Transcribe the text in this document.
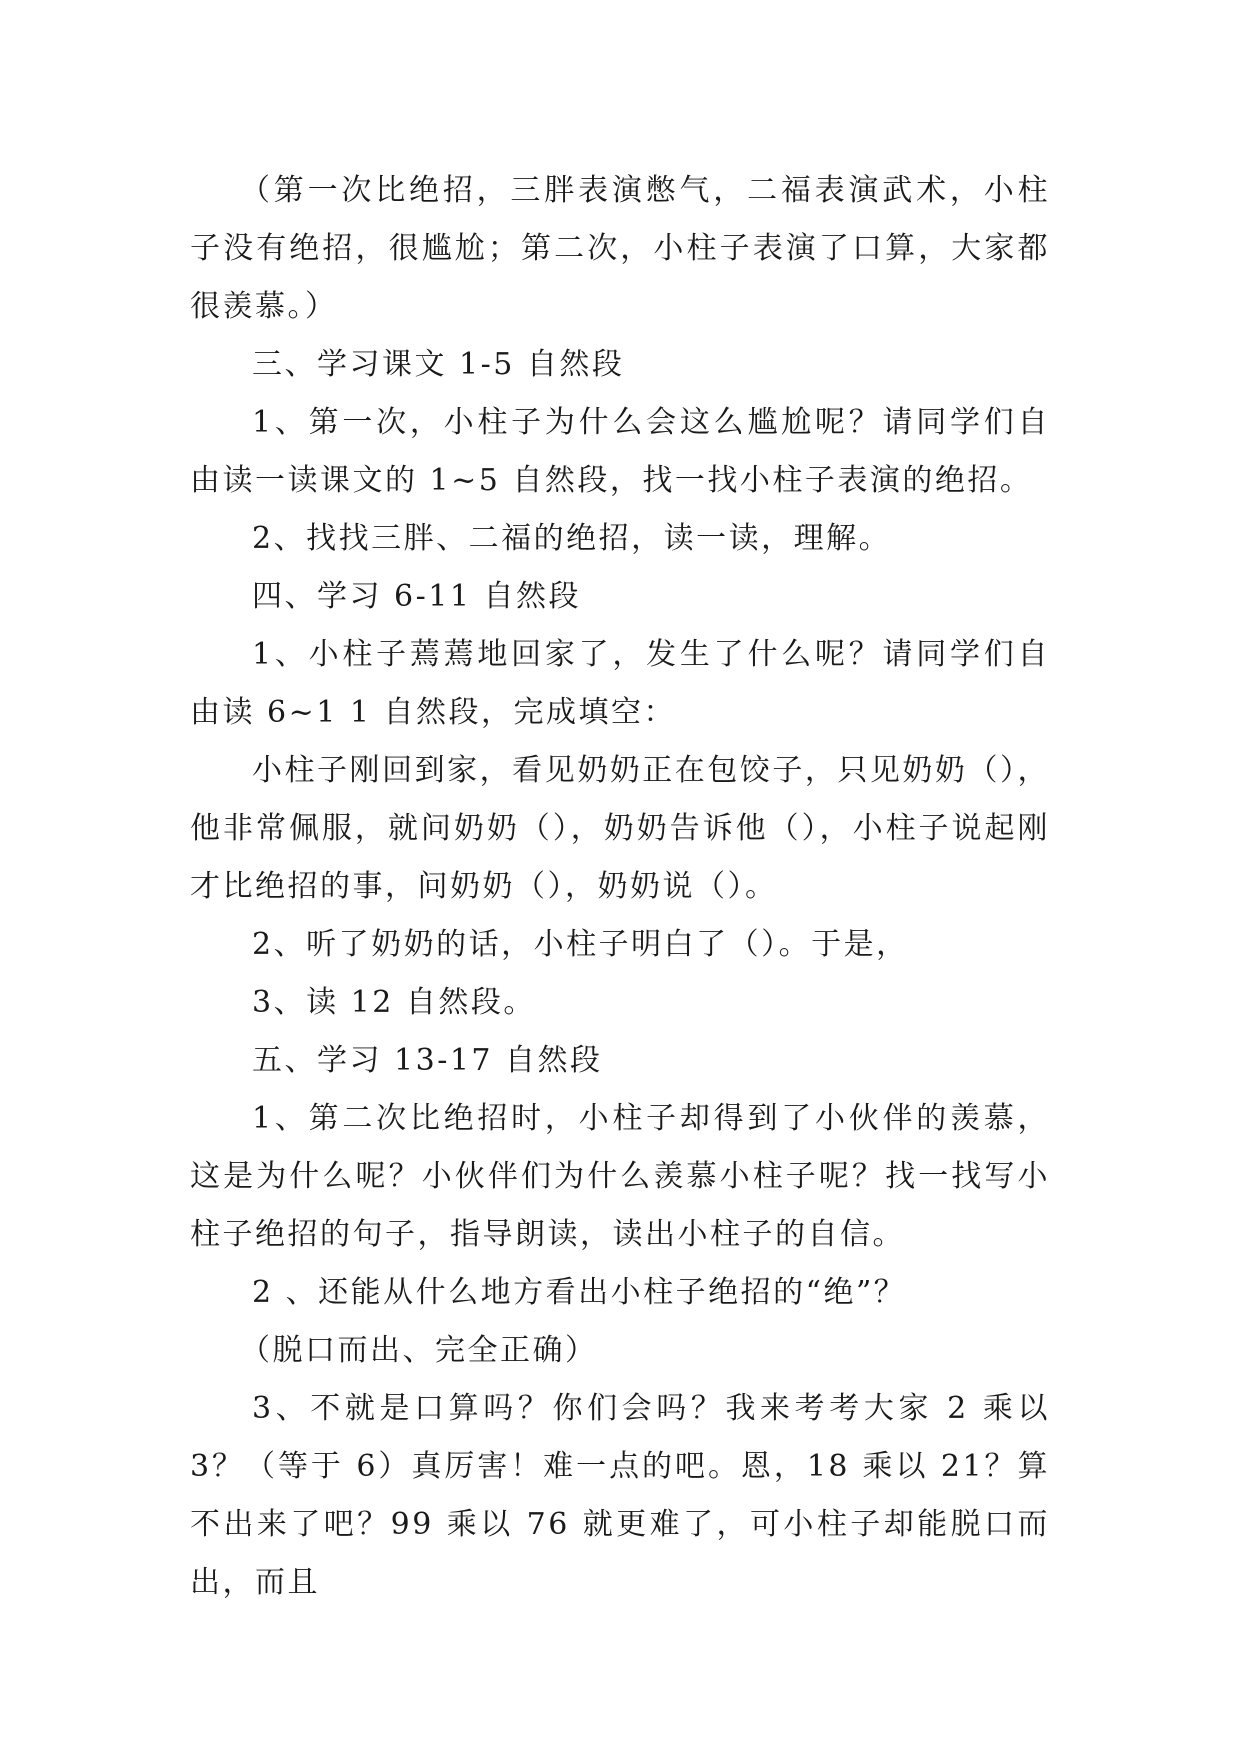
（第一次比绝招，三胖表演憋气，二福表演武术，小柱子没有绝招，很尴尬；第二次，小柱子表演了口算，大家都很羡慕。）

三、学习课文 1-5 自然段

1、第一次，小柱子为什么会这么尴尬呢？请同学们自由读一读课文的 1~5 自然段，找一找小柱子表演的绝招。

2、找找三胖、二福的绝招，读一读，理解。

四、学习 6-11 自然段

1、小柱子蔫蔫地回家了，发生了什么呢？请同学们自由读 6~1 1 自然段，完成填空：

小柱子刚回到家，看见奶奶正在包饺子，只见奶奶（），他非常佩服，就问奶奶（），奶奶告诉他（），小柱子说起刚才比绝招的事，问奶奶（），奶奶说（）。

2、听了奶奶的话，小柱子明白了（）。于是，

3、读 12 自然段。

五、学习 13-17 自然段

1、第二次比绝招时，小柱子却得到了小伙伴的羡慕，这是为什么呢？小伙伴们为什么羡慕小柱子呢？找一找写小柱子绝招的句子，指导朗读，读出小柱子的自信。

2 、还能从什么地方看出小柱子绝招的“绝”？

（脱口而出、完全正确）

3、不就是口算吗？你们会吗？我来考考大家 2 乘以 3？（等于 6）真厉害！难一点的吧。恩，18 乘以 21？算不出来了吧？99 乘以 76 就更难了，可小柱子却能脱口而出，而且
